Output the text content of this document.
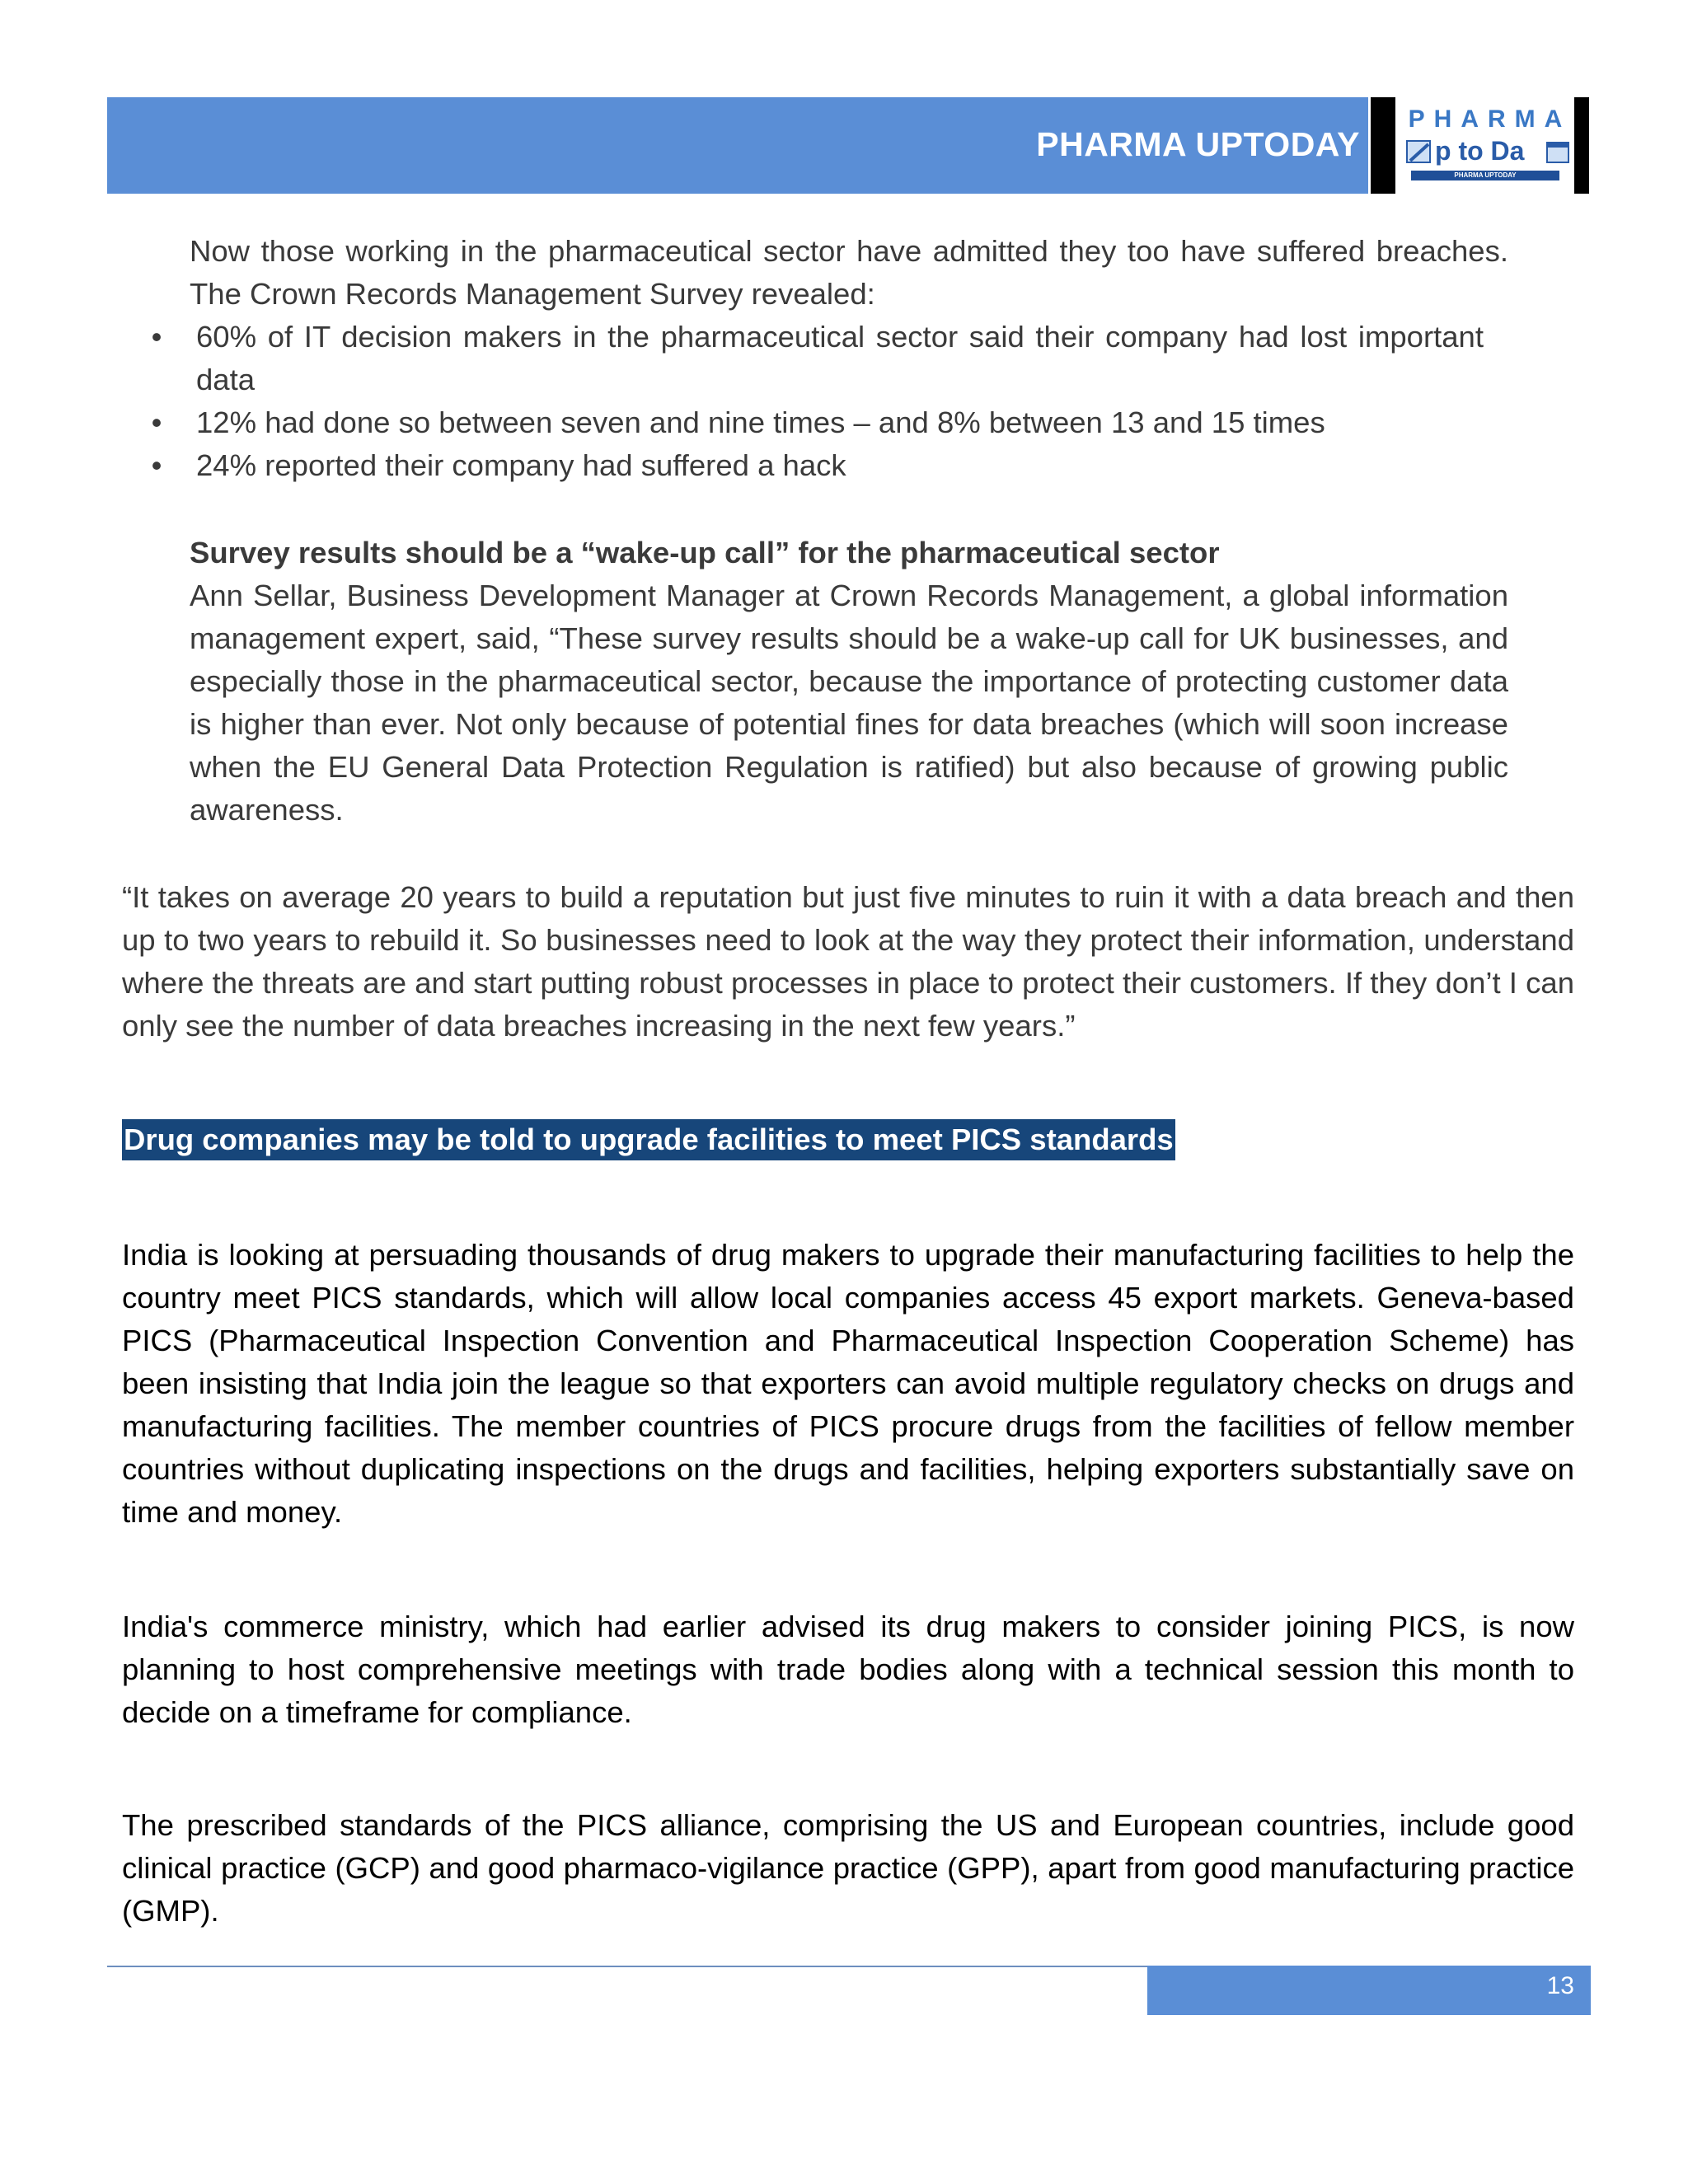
PHARMA UPTODAY
PHARMA
p to Da
PHARMA UPTODAY
Now those working in the pharmaceutical sector have admitted they too have suffered breaches. The Crown Records Management Survey revealed:
• 60% of IT decision makers in the pharmaceutical sector said their company had lost important data
• 12% had done so between seven and nine times – and 8% between 13 and 15 times
• 24% reported their company had suffered a hack

Survey results should be a “wake-up call” for the pharmaceutical sector

Ann Sellar, Business Development Manager at Crown Records Management, a global information management expert, said, “These survey results should be a wake-up call for UK businesses, and especially those in the pharmaceutical sector, because the importance of protecting customer data is higher than ever. Not only because of potential fines for data breaches (which will soon increase when the EU General Data Protection Regulation is ratified) but also because of growing public awareness.

“It takes on average 20 years to build a reputation but just five minutes to ruin it with a data breach and then up to two years to rebuild it. So businesses need to look at the way they protect their information, understand where the threats are and start putting robust processes in place to protect their customers. If they don’t I can only see the number of data breaches increasing in the next few years.”
Drug companies may be told to upgrade facilities to meet PICS standards
India is looking at persuading thousands of drug makers to upgrade their manufacturing facilities to help the country meet PICS standards, which will allow local companies access 45 export markets. Geneva-based PICS (Pharmaceutical Inspection Convention and Pharmaceutical Inspection Cooperation Scheme) has been insisting that India join the league so that exporters can avoid multiple regulatory checks on drugs and manufacturing facilities. The member countries of PICS procure drugs from the facilities of fellow member countries without duplicating inspections on the drugs and facilities, helping exporters substantially save on time and money.
India's commerce ministry, which had earlier advised its drug makers to consider joining PICS, is now planning to host comprehensive meetings with trade bodies along with a technical session this month to decide on a timeframe for compliance.
The prescribed standards of the PICS alliance, comprising the US and European countries, include good clinical practice (GCP) and good pharmaco-vigilance practice (GPP), apart from good manufacturing practice (GMP).
13
